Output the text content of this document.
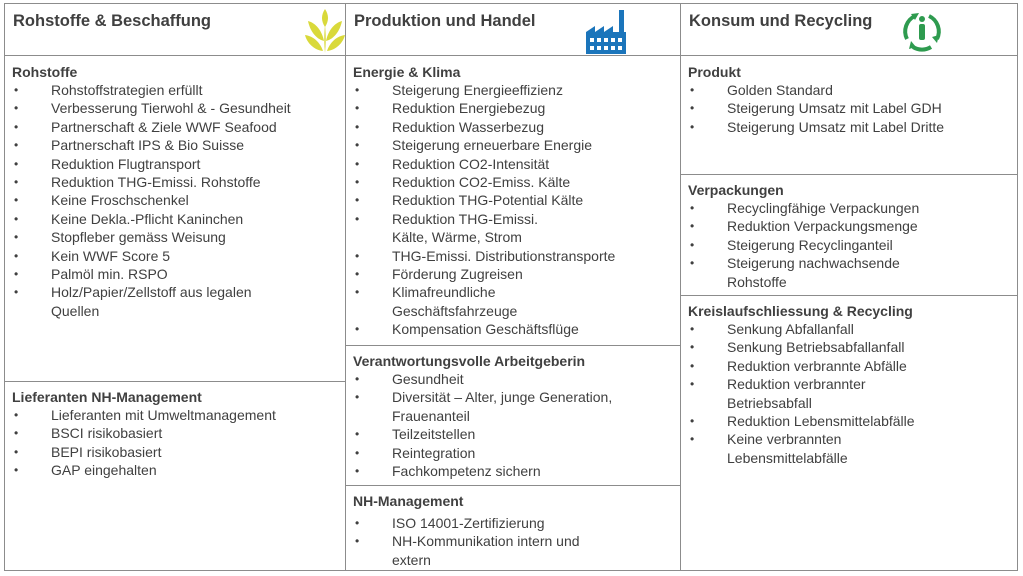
Rohstoffe & Beschaffung
Rohstoffe
• Rohstoffstrategien erfüllt
• Verbesserung Tierwohl & - Gesundheit
• Partnerschaft & Ziele WWF Seafood
• Partnerschaft IPS & Bio Suisse
• Reduktion Flugtransport
• Reduktion THG-Emissi. Rohstoffe
• Keine Froschschenkel
• Keine Dekla.-Pflicht Kaninchen
• Stopfleber gemäss Weisung
• Kein WWF Score 5
• Palmöl min. RSPO
• Holz/Papier/Zellstoff aus legalen Quellen
Lieferanten NH-Management
• Lieferanten mit Umweltmanagement
• BSCI risikobasiert
• BEPI risikobasiert
• GAP eingehalten
Produktion und Handel
Energie & Klima
• Steigerung Energieeffizienz
• Reduktion Energiebezug
• Reduktion Wasserbezug
• Steigerung erneuerbare Energie
• Reduktion CO2-Intensität
• Reduktion CO2-Emiss. Kälte
• Reduktion THG-Potential Kälte
• Reduktion THG-Emissi. Kälte, Wärme, Strom
• THG-Emissi. Distributionstransporte
• Förderung Zugreisen
• Klimafreundliche Geschäftsfahrzeuge
• Kompensation Geschäftsflüge
Verantwortungsvolle Arbeitgeberin
• Gesundheit
• Diversität – Alter, junge Generation, Frauenanteil
• Teilzeitstellen
• Reintegration
• Fachkompetenz sichern
NH-Management
• ISO 14001-Zertifizierung
• NH-Kommunikation intern und extern
Konsum und Recycling
Produkt
• Golden Standard
• Steigerung Umsatz mit Label GDH
• Steigerung Umsatz mit Label Dritte
Verpackungen
• Recyclingfähige Verpackungen
• Reduktion Verpackungsmenge
• Steigerung Recyclinganteil
• Steigerung nachwachsende Rohstoffe
Kreislaufschliessung & Recycling
• Senkung Abfallanfall
• Senkung Betriebsabfallanfall
• Reduktion verbrannte Abfälle
• Reduktion verbrannter Betriebsabfall
• Reduktion Lebensmittelabfälle
• Keine verbrannten Lebensmittelabfälle
